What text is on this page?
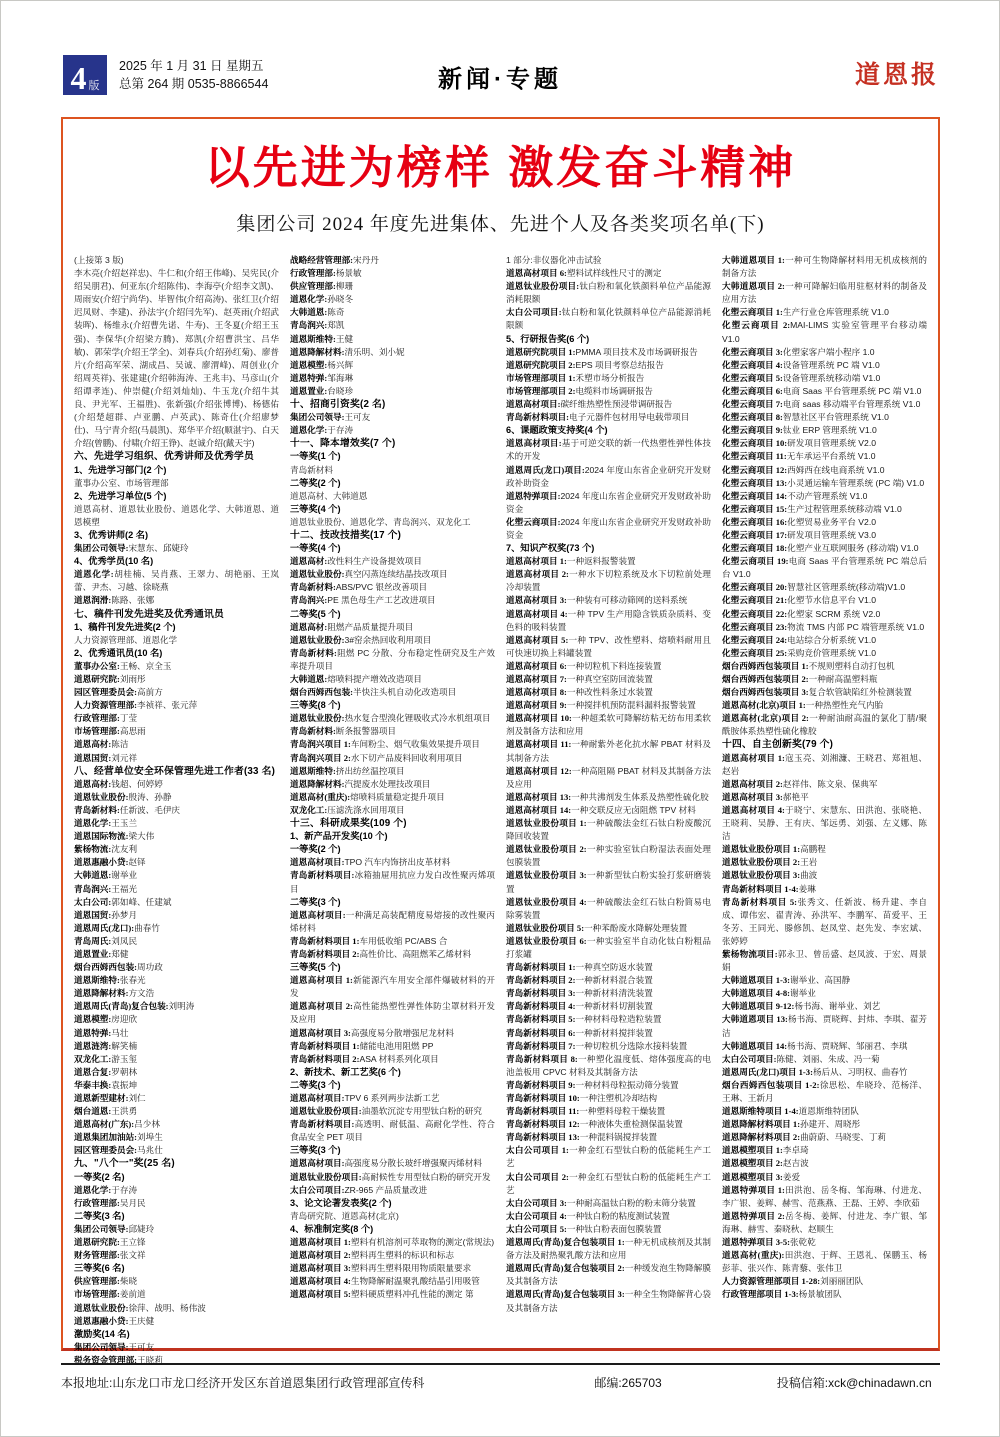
4 版
2025 年 1 月 31 日 星期五
总第 264 期 0535-8866544	新闻·专题	道恩报
以先进为榜样 激发奋斗精神
集团公司 2024 年度先进集体、先进个人及各类奖项名单(下)
(上接第 3 版)
李木亮(介绍赵祥忠)、牛仁和(介绍王伟峰)、吴宪民(介绍吴朋君)、何亚东(介绍陈伟)、李海亭(介绍李文凯)、周雨安(介绍宁尚华)、毕智伟(介绍高涛)、张红卫(介绍迟凤财、李建)、孙法宇(介绍闫先军)、赵英雨(介绍武装晖)、杨维永(介绍曹先诺、牛寿)、王冬夏(介绍王玉强)、李保华(介绍梁方腾)、郑凯(介绍曹洪宝、吕华敏)、郭荣学(介绍王学全)、刘春兵(介绍孙红菊)、廖普片(介绍高军荣、湖成昌、吴诚、廖渭峰)、周创业(介绍周英祥)、张建建(介绍韩海涛、王兆丰)、马彦山(介绍谭孝连)、仲崇健(介绍刘灿灿)、牛玉龙(介绍牛其良、尹光军、王福胜)、张新强(介绍张博博)、杨德佑(介绍楚超群、卢亚鹏、卢英武)、陈奇仕(介绍廖梦仕)、马宁青介绍(马晨凯)、郑华平介绍(顺湛宇)、白天介绍(曾鹏)、付啸(介绍王铮)、赵诚介绍(戴天宇)
六、先进学习组织、优秀讲师及优秀学员
1、先进学习部门(2 个)
董事办公室、市场管理部
2、先进学习单位(5 个)
道恩高材、道恩钛业股份、道恩化学、大韩道恩、道恩模塑
3、优秀讲师(2 名)
集团公司领导:宋慧东、邱婕玲
4、优秀学员(10 名)
道恩化学:胡桂楠、吴肖燕、王翠力、胡艳丽、王岚蕾、尹杰、习越、徐晓燕
道恩润滑:陈路、张娜
七、稿件刊发先进奖及优秀通讯员
1、稿件刊发先进奖(2 个)
人力资源管理部、道恩化学
2、优秀通讯员(10 名)
董事办公室:王畅、京全玉
道恩研究院:刘雨彤
园区管理委员会:高前方
人力资源管理部:李祯祥、张元萍
行政管理部:丁莹
市场管理部:高思雨
道恩高材:陈洁
道恩国贸:刘元祥
八、经营单位安全环保管理先进工作者(33 名)
道恩高材:钱超、何婷婷
道恩钛业股份:殷涛、孙静
青岛新材料:任新波、毛伊庆
道恩化学:王玉兰
道恩国际物流:梁大伟
紫杨物流:沈友利
道恩惠融小贷:赵铎
大韩道恩:谢举业
青岛润兴:王福光
太白公司:郭如峰、任建斌
道恩国贸:孙梦月
道恩周氏(龙口):曲春竹
青岛周氏:刘凤民
道恩置业:郑健
烟台西姆西包装:周功政
道恩斯维特:张春光
道恩降解材料:方文浩
道恩周氏(青岛)复合包装:刘明涛
道恩模塑:房迎欣
道恩特弹:马壮
道恩涟湾:解笑楠
双龙化工:游玉玺
道恩合复:罗朝林
华泰丰换:袁振坤
道恩新型建材:刘仁
烟台道恩:王洪勇
道恩高材(广东):吕少林
道恩集团加油站:刘埠生
园区管理委员会:马兆仕
九、"八个一"奖(25 名)
一等奖(2 名)
道恩化学:于存涛
行政管理部:吴月民
二等奖(3 名)
集团公司领导:邱婕玲
道恩研究院:王立锋
财务管理部:张文祥
三等奖(6 名)
供应管理部:柴晓
市场管理部:姜前道
道恩钛业股份:徐萍、战明、杨伟波
道恩惠融小贷:王庆健
激励奖(14 名)
集团公司领导:王可友
税务资金管理部:王晓莉
战略经营管理部:宋丹丹
行政管理部:杨景敏
供应管理部:柳珊
道恩化学:孙晓冬
大韩道恩:陈奇
青岛润兴:郑凯
道恩斯维特:王健
道恩降解材料:清乐明、刘小妮
道恩模塑:杨兴辉
道恩特弹:邹海琳
道恩置业:台晓珍
十、招商引资奖(2 名)
集团公司领导:王可友
道恩化学:于存涛
十一、降本增效奖(7 个)
一等奖(1 个)
青岛新材料
二等奖(2 个)
道恩高材、大韩道恩
三等奖(4 个)
道恩钛业股份、道恩化学、青岛润兴、双龙化工
十二、技改技措奖(17 个)
一等奖(4 个)
道恩高材:改性料生产设备提效项目
道恩钛业股份:真空闪蒸连续结晶技改项目
青岛新材料:ABS/PVC 银丝改善项目
青岛润兴:PE 黑色母生产工艺改进项目
二等奖(5 个)
道恩高材:阻燃产品质量提升项目
道恩钛业股份:3#窑余热回收利用项目
青岛新材料:阻燃 PC 分散、分布稳定性研究及生产效率提升项目
大韩道恩:熔喷料提产增效改造项目
烟台西姆西包装:半快注头机自动化改造项目
三等奖(8 个)
道恩钛业股份:热水复合型溴化锂吸收式冷水机组项目
青岛新材料:断条报警器项目
青岛润兴项目 1:车间粉尘、烟气收集效果提升项目
青岛润兴项目 2:水下切产品废料回收利用项目
道恩斯维特:挤出纺丝温控项目
道恩降解材料:汽提废水处理技改项目
道恩高材(重庆):熔喷料质量稳定提升项目
双龙化工:压滤洗涤水回用项目
十三、科研成果奖(109 个)
1、新产品开发奖(10 个)
一等奖(2 个)
道恩高材项目:TPO 汽车内饰挤出皮革材料
青岛新材料项目:冰箱抽屉用抗应力发白改性聚丙烯项目
二等奖(3 个)
道恩高材项目:一种满足高装配精度易熔接的改性聚丙烯材料
青岛新材料项目 1:车用低收缩 PC/ABS 合
青岛新材料项目 2:高性价比、高阻燃苯乙烯材料
三等奖(5 个)
道恩高材项目 1:新能源汽车用安全部件爆破材料的开发
道恩高材项目 2:高性能热塑性弹性体防尘罩材料开发及应用
道恩高材项目 3:高强度易分散增强尼龙材料
青岛新材料项目 1:储能电池用阻燃 PP
青岛新材料项目 2:ASA 材料系列化项目
2、新技术、新工艺奖(6 个)
二等奖(3 个)
道恩高材项目:TPV 6 系列两步法新工艺
道恩钛业股份项目:油墨软沉淀专用型钛白粉的研究
青岛新材料项目:高透明、耐低温、高耐化学性、符合食品安全 PET 项目
三等奖(3 个)
道恩高材项目:高强度易分散长玻纤增强聚丙烯材料
道恩钛业股份项目:高耐候性专用型钛白粉的研究开发
太白公司项目:ZR-965 产品质量改进
3、论文论著发表奖(2 个)
青岛研究院、道恩高材(北京)
4、标准制定奖(8 个)
道恩高材项目 1:塑料有机溶剂可萃取物的测定(常规法)
道恩高材项目 2:塑料再生塑料的标识和标志
道恩高材项目 3:塑料再生塑料限用物质限量要求
道恩高材项目 4:生物降解耐温聚乳酸结晶引用吸管
道恩高材项目 5:塑料硬质塑料冲孔性能的测定 第
1 部分:非仪器化冲击试验
道恩高材项目 6:塑料试样线性尺寸的测定
道恩钛业股份项目:钛白粉和氧化铁颜料单位产品能源消耗限额
太白公司项目:钛白粉和氧化铁颜料单位产品能源消耗限额
5、行研报告奖(6 个)
道恩研究院项目 1:PMMA 项目技术及市场调研报告
道恩研究院项目 2:EPS 项目考察总结报告
市场管理部项目 1:禾塑市场分析报告
市场管理部项目 2:电缆料市场调研报告
道恩高材项目:碳纤维热塑性预浸带调研报告
青岛新材料项目:电子元器件包材用导电载带项目
6、课题政策支持奖(4 个)
道恩高材项目:基于可逆交联的新一代热塑性弹性体技术的开发
道恩周氏(龙口)项目:2024 年度山东省企业研究开发财政补助资金
道恩特弹项目:2024 年度山东省企业研究开发财政补助资金
化塑云商项目:2024 年度山东省企业研究开发财政补助资金
7、知识产权奖(73 个)
道恩高材项目 1:一种返料报警装置
道恩高材项目 2:一种水下切粒系统及水下切粒前处理冷却装置
道恩高材项目 3:一种装有可移动筛网的送料系统
道恩高材项目 4:一种 TPV 生产用隐含铁质杂质料、变色料的吸料装置
道恩高材项目 5:一种 TPV、改性塑料、熔喷料耐用且可快速切换上料罐装置
道恩高材项目 6:一种切粒机下料连接装置
道恩高材项目 7:一种真空室防回流装置
道恩高材项目 8:一种改性料条过水装置
道恩高材项目 9:一种搅拌机预防混料漏料报警装置
道恩高材项目 10:一种超柔软可降解纺粘无纺布用柔软剂及制备方法和应用
道恩高材项目 11:一种耐紫外老化抗水解 PBAT 材料及其制备方法
道恩高材项目 12:一种高阻隔 PBAT 材料及其制备方法及应用
道恩高材项目 13:一种共沸剂发生体系及热塑性硫化胶
道恩高材项目 14:一种交联反应无卤阻燃 TPV 材料
道恩钛业股份项目 1:一种硫酸法金红石钛白粉废酸沉降回收装置
道恩钛业股份项目 2:一种实验室钛白粉湿法表面处理包膜装置
道恩钛业股份项目 3:一种新型钛白粉实验打浆研磨装置
道恩钛业股份项目 4:一种硫酸法金红石钛白粉简易电除雾装置
道恩钛业股份项目 5:一种苯酚废水降解处理装置
道恩钛业股份项目 6:一种实验室半自动化钛白粉粗品打浆罐
青岛新材料项目 1:一种真空防返水装置
青岛新材料项目 2:一种新材料混合装置
青岛新材料项目 3:一种新材料清洗装置
青岛新材料项目 4:一种新材料切割装置
青岛新材料项目 5:一种材料母粒造粒装置
青岛新材料项目 6:一种新材料搅拌装置
青岛新材料项目 7:一种切粒机分选除水接料装置
青岛新材料项目 8:一种塑化温度低、熔体强度高的电池盖板用 CPVC 材料及其制备方法
青岛新材料项目 9:一种材料母粒振动筛分装置
青岛新材料项目 10:一种注塑机冷却结构
青岛新材料项目 11:一种塑料母粒干燥装置
青岛新材料项目 12:一种液体失重检测保温装置
青岛新材料项目 13:一种混料锅搅拌装置
太白公司项目 1:一种金红石型钛白粉的低能耗生产工艺
太白公司项目 2:一种金红石型钛白粉的低能耗生产工艺
太白公司项目 3:一种耐高温钛白粉的粉末筛分装置
太白公司项目 4:一种钛白粉的粘度测试装置
太白公司项目 5:一种钛白粉表面包膜装置
道恩周氏(青岛)复合包装项目 1:一种无机成核剂及其制备方法及耐热聚乳酸方法和应用
道恩周氏(青岛)复合包装项目 2:一种缓发泡生物降解膜及其制备方法
道恩周氏(青岛)复合包装项目 3:一种全生物降解背心袋及其制备方法
大韩道恩项目 1:一种可生物降解材料用无机成核剂的制备方法
大韩道恩项目 2:一种可降解妇临用驻枢材料的制备及应用方法
化塑云商项目 1:生产行业仓库管理系统 V1.0
化塑云商项目 2:MAI-LIMS 实验室管理平台移动端 V1.0
化塑云商项目 3:化塑家客户端小程序 1.0
化塑云商项目 4:设备管理系统 PC 端 V1.0
化塑云商项目 5:设备管理系统移动端 V1.0
化塑云商项目 6:电商 Saas 平台管理系统 PC 端 V1.0
化塑云商项目 7:电商 saas 移动端平台管理系统 V1.0
化塑云商项目 8:智慧社区平台管理系统 V1.0
化塑云商项目 9:钛业 ERP 管理系统 V1.0
化塑云商项目 10:研发项目管理系统 V2.0
化塑云商项目 11:无车承运平台系统 V1.0
化塑云商项目 12:西姆西在线电商系统 V1.0
化塑云商项目 13:小灵通运输车管理系统 (PC 端) V1.0
化塑云商项目 14:不动产管理系统 V1.0
化塑云商项目 15:生产过程管理系统移动端 V1.0
化塑云商项目 16:化塑贸易业务平台 V2.0
化塑云商项目 17:研发项目管理系统 V3.0
化塑云商项目 18:化塑产业互联网服务 (移动端) V1.0
化塑云商项目 19:电商 Saas 平台管理系统 PC 端总后台 V1.0
化塑云商项目 20:智慧社区管理系统(移动端)V1.0
化塑云商项目 21:化塑节水信息平台 V1.0
化塑云商项目 22:化塑家 SCRM 系统 V2.0
化塑云商项目 23:物流 TMS 内部 PC 端管理系统 V1.0
化塑云商项目 24:电站综合分析系统 V1.0
化塑云商项目 25:采购竞价管理系统 V1.0
烟台西姆西包装项目 1:不规则塑料自动打包机
烟台西姆西包装项目 2:一种耐高温塑料瓶
烟台西姆西包装项目 3:复合软管缺陷红外检测装置
道恩高材(北京)项目 1:一种热塑性充气内胎
道恩高材(北京)项目 2:一种耐油耐高温的氯化丁腈/聚酰胺体系热塑性硫化橡胶
十四、自主创新奖(79 个)
道恩高材项目 1:寇玉亮、刘湘濂、王晓君、郑祖旭、赵岩
道恩高材项目 2:赵祥伟、陈文泉、保典军
道恩高材项目 3:郝艳平
道恩高材项目 4:于晓宁、宋慧东、田洪泡、张晓艳、王晓莉、吴静、王有庆、邹远勇、刘强、左义娜、陈洁
道恩钛业股份项目 1:高鹏程
道恩钛业股份项目 2:王岩
道恩钛业股份项目 3:曲波
青岛新材料项目 1-4:姜琳
青岛新材料项目 5:张秀文、任新波、杨升建、李自成、谭伟宏、翟青涛、孙洪军、李鹏军、苗爱平、王冬芳、王同光、滕修凯、赵凤堂、赵先发、李宏斌、张婷婷
紫杨物流项目:郭永卫、曾岳盛、赵凤波、于宏、周景娟
大韩道恩项目 1-3:谢举业、高国静
大韩道恩项目 4-8:谢举业
大韩道恩项目 9-12:杨书海、谢举业、刘艺
大韩道恩项目 13:杨书海、贾晓辉、封炜、李琪、翟芳洁
大韩道恩项目 14:杨书海、贾晓辉、邹丽君、李琪
太白公司项目:陈健、刘丽、朱成、冯一菊
道恩周氏(龙口)项目 1-3:杨后从、习明权、曲春竹
烟台西姆西包装项目 1-2:徐思松、牟晓玲、范杨洋、王琳、王新月
道恩斯维特项目 1-4:道恩斯维特团队
道恩降解材料项目 1:孙建开、周晓彤
道恩降解材料项目 2:曲蔚蔚、马晓雯、丁莉
道恩模塑项目 1:李卓琦
道恩模塑项目 2:赵吉波
道恩模塑项目 3:姜爱
道恩特弹项目 1:田洪泡、岳冬梅、邹海琳、付进龙、李广银、姜辉、赫雪、范燕燕、王磊、王婷、李欣茹
道恩特弹项目 2:岳冬梅、姜辉、付进龙、李广银、邹海琳、赫雪、秦晓秋、赵顺生
道恩特弹项目 3-5:张乾乾
道恩高材(重庆):田洪泡、于辉、王恩礼、保鹏玉、杨彭菲、张兴作、陈青藜、张伟卫
人力资源管理部项目 1-28:刘丽丽团队
行政管理部项目 1-3:杨景敏团队
本报地址:山东龙口市龙口经济开发区东首道恩集团行政管理部宣传科	邮编:265703	投稿信箱:xck@chinadawn.cn
